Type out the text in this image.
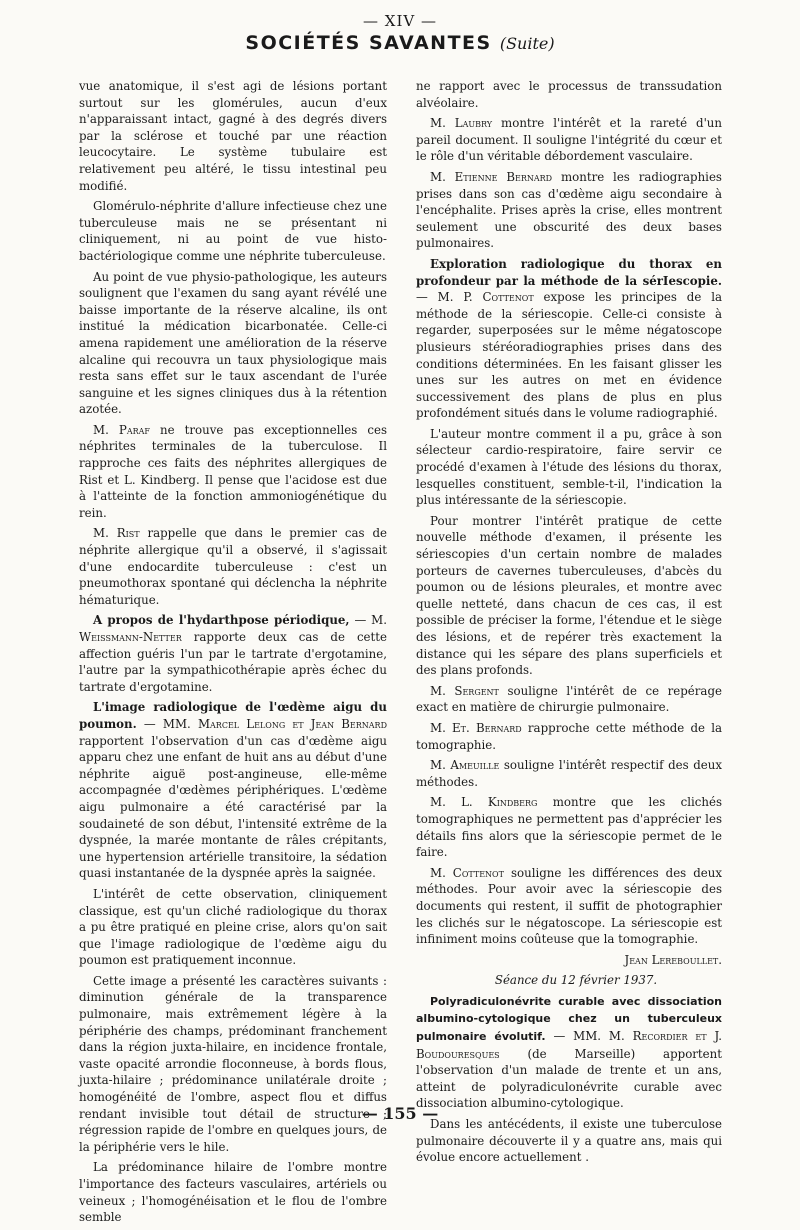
— XIV —
SOCIÉTÉS SAVANTES (Suite)

vue anatomique, il s'est agi de lésions portant surtout sur les glomérules, aucun d'eux n'apparaissant intact, gagné à des degrés divers par la sclérose et touché par une réaction leucocytaire. Le système tubulaire est relativement peu altéré, le tissu intestinal peu modifié.

Glomérulo-néphrite d'allure infectieuse chez une tuberculeuse mais ne se présentant ni cliniquement, ni au point de vue histo-bactériologique comme une néphrite tuberculeuse.

Au point de vue physio-pathologique, les auteurs soulignent que l'examen du sang ayant révélé une baisse importante de la réserve alcaline, ils ont institué la médication bicarbonatée. Celle-ci amena rapidement une amélioration de la réserve alcaline qui recouvra un taux physiologique mais resta sans effet sur le taux ascendant de l'urée sanguine et les signes cliniques dus à la rétention azotée.

M. Paraf ne trouve pas exceptionnelles ces néphrites terminales de la tuberculose. Il rapproche ces faits des néphrites allergiques de Rist et L. Kindberg. Il pense que l'acidose est due à l'atteinte de la fonction ammoniogénétique du rein.

M. Rist rappelle que dans le premier cas de néphrite allergique qu'il a observé, il s'agissait d'une endocardite tuberculeuse : c'est un pneumothorax spontané qui déclencha la néphrite hématurique.

A propos de l'hydarthpose périodique, — M. Weissmann-Netter rapporte deux cas de cette affection guéris l'un par le tartrate d'ergotamine, l'autre par la sympathicothérapie après échec du tartrate d'ergotamine.

L'image radiologique de l'œdème aigu du poumon. — MM. Marcel Lelong et Jean Bernard rapportent l'observation d'un cas d'œdème aigu apparu chez une enfant de huit ans au début d'une néphrite aiguë post-angineuse, elle-même accompagnée d'œdèmes périphériques. L'œdème aigu pulmonaire a été caractérisé par la soudaineté de son début, l'intensité extrême de la dyspnée, la marée montante de râles crépitants, une hypertension artérielle transitoire, la sédation quasi instantanée de la dyspnée après la saignée.

L'intérêt de cette observation, cliniquement classique, est qu'un cliché radiologique du thorax a pu être pratiqué en pleine crise, alors qu'on sait que l'image radiologique de l'œdème aigu du poumon est pratiquement inconnue.

Cette image a présenté les caractères suivants : diminution générale de la transparence pulmonaire, mais extrêmement légère à la périphérie des champs, prédominant franchement dans la région juxta-hilaire, en incidence frontale, vaste opacité arrondie floconneuse, à bords flous, juxta-hilaire ; prédominance unilatérale droite ; homogénéité de l'ombre, aspect flou et diffus rendant invisible tout détail de structure ; régression rapide de l'ombre en quelques jours, de la périphérie vers le hile.

La prédominance hilaire de l'ombre montre l'importance des facteurs vasculaires, artériels ou veineux ; l'homogénéisation et le flou de l'ombre semble

ne rapport avec le processus de transsudation alvéolaire.

M. Laubry montre l'intérêt et la rareté d'un pareil document. Il souligne l'intégrité du cœur et le rôle d'un véritable débordement vasculaire.

M. Etienne Bernard montre les radiographies prises dans son cas d'œdème aigu secondaire à l'encéphalite. Prises après la crise, elles montrent seulement une obscurité des deux bases pulmonaires.

Exploration radiologique du thorax en profondeur par la méthode de la sérIescopie. — M. P. Cottenot expose les principes de la méthode de la sériescopie. Celle-ci consiste à regarder, superposées sur le même négatoscope plusieurs stéréoradiographies prises dans des conditions déterminées. En les faisant glisser les unes sur les autres on met en évidence successivement des plans de plus en plus profondément situés dans le volume radiographié.

L'auteur montre comment il a pu, grâce à son sélecteur cardio-respiratoire, faire servir ce procédé d'examen à l'étude des lésions du thorax, lesquelles constituent, semble-t-il, l'indication la plus intéressante de la sériescopie.

Pour montrer l'intérêt pratique de cette nouvelle méthode d'examen, il présente les sériescopies d'un certain nombre de malades porteurs de cavernes tuberculeuses, d'abcès du poumon ou de lésions pleurales, et montre avec quelle netteté, dans chacun de ces cas, il est possible de préciser la forme, l'étendue et le siège des lésions, et de repérer très exactement la distance qui les sépare des plans superficiels et des plans profonds.

M. Sergent souligne l'intérêt de ce repérage exact en matière de chirurgie pulmonaire.

M. Et. Bernard rapproche cette méthode de la tomographie.

M. Ameuille souligne l'intérêt respectif des deux méthodes.

M. L. Kindberg montre que les clichés tomographiques ne permettent pas d'apprécier les détails fins alors que la sériescopie permet de le faire.

M. Cottenot souligne les différences des deux méthodes. Pour avoir avec la sériescopie des documents qui restent, il suffit de photographier les clichés sur le négatoscope. La sériescopie est infiniment moins coûteuse que la tomographie.

Jean Lereboullet.

Séance du 12 février 1937.

Polyradiculonévrite curable avec dissociation albumino-cytologique chez un tuberculeux pulmonaire évolutif. — MM. M. Recordier et J. Boudouresques (de Marseille) apportent l'observation d'un malade de trente et un ans, atteint de polyradiculonévrite curable avec dissociation albumino-cytologique.

Dans les antécédents, il existe une tuberculose pulmonaire découverte il y a quatre ans, mais qui évolue encore actuellement .

— 155 —
